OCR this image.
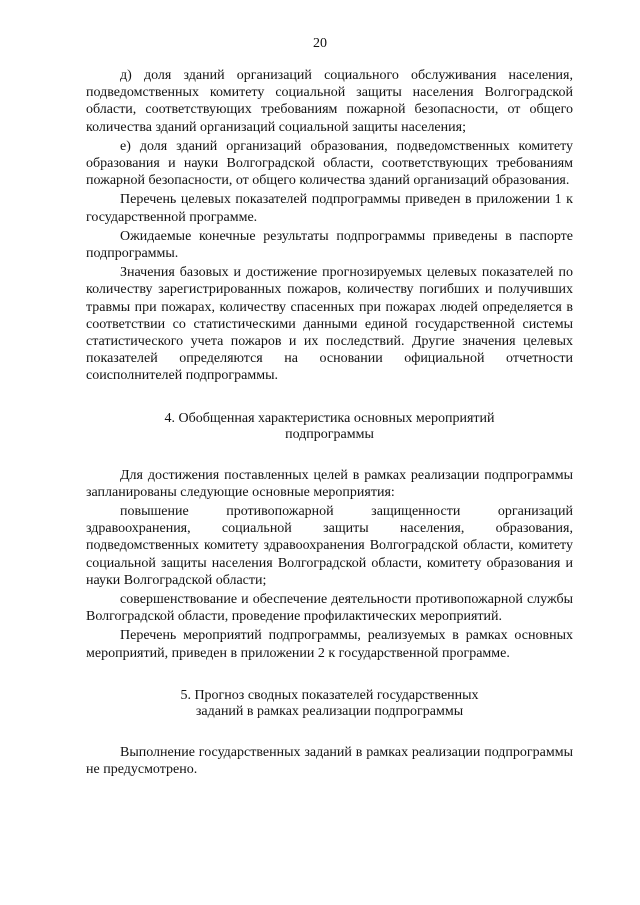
20

д) доля зданий организаций социального обслуживания населения, подведомственных комитету социальной защиты населения Волгоградской области, соответствующих требованиям пожарной безопасности, от общего количества зданий организаций социальной защиты населения;

е) доля зданий организаций образования, подведомственных комитету образования и науки Волгоградской области, соответствующих требованиям пожарной безопасности, от общего количества зданий организаций образования.

Перечень целевых показателей подпрограммы приведен в приложении 1 к государственной программе.

Ожидаемые конечные результаты подпрограммы приведены в паспорте подпрограммы.

Значения базовых и достижение прогнозируемых целевых показателей по количеству зарегистрированных пожаров, количеству погибших и получивших травмы при пожарах, количеству спасенных при пожарах людей определяется в соответствии со статистическими данными единой государственной системы статистического учета пожаров и их последствий. Другие значения целевых показателей определяются на основании официальной отчетности соисполнителей подпрограммы.

4. Обобщенная характеристика основных мероприятий
подпрограммы

Для достижения поставленных целей в рамках реализации подпрограммы запланированы следующие основные мероприятия:

повышение противопожарной защищенности организаций здравоохранения, социальной защиты населения, образования, подведомственных комитету здравоохранения Волгоградской области, комитету социальной защиты населения Волгоградской области, комитету образования и науки Волгоградской области;

совершенствование и обеспечение деятельности противопожарной службы Волгоградской области, проведение профилактических мероприятий.

Перечень мероприятий подпрограммы, реализуемых в рамках основных мероприятий, приведен в приложении 2 к государственной программе.

5. Прогноз сводных показателей государственных
заданий в рамках реализации подпрограммы

Выполнение государственных заданий в рамках реализации подпрограммы не предусмотрено.
